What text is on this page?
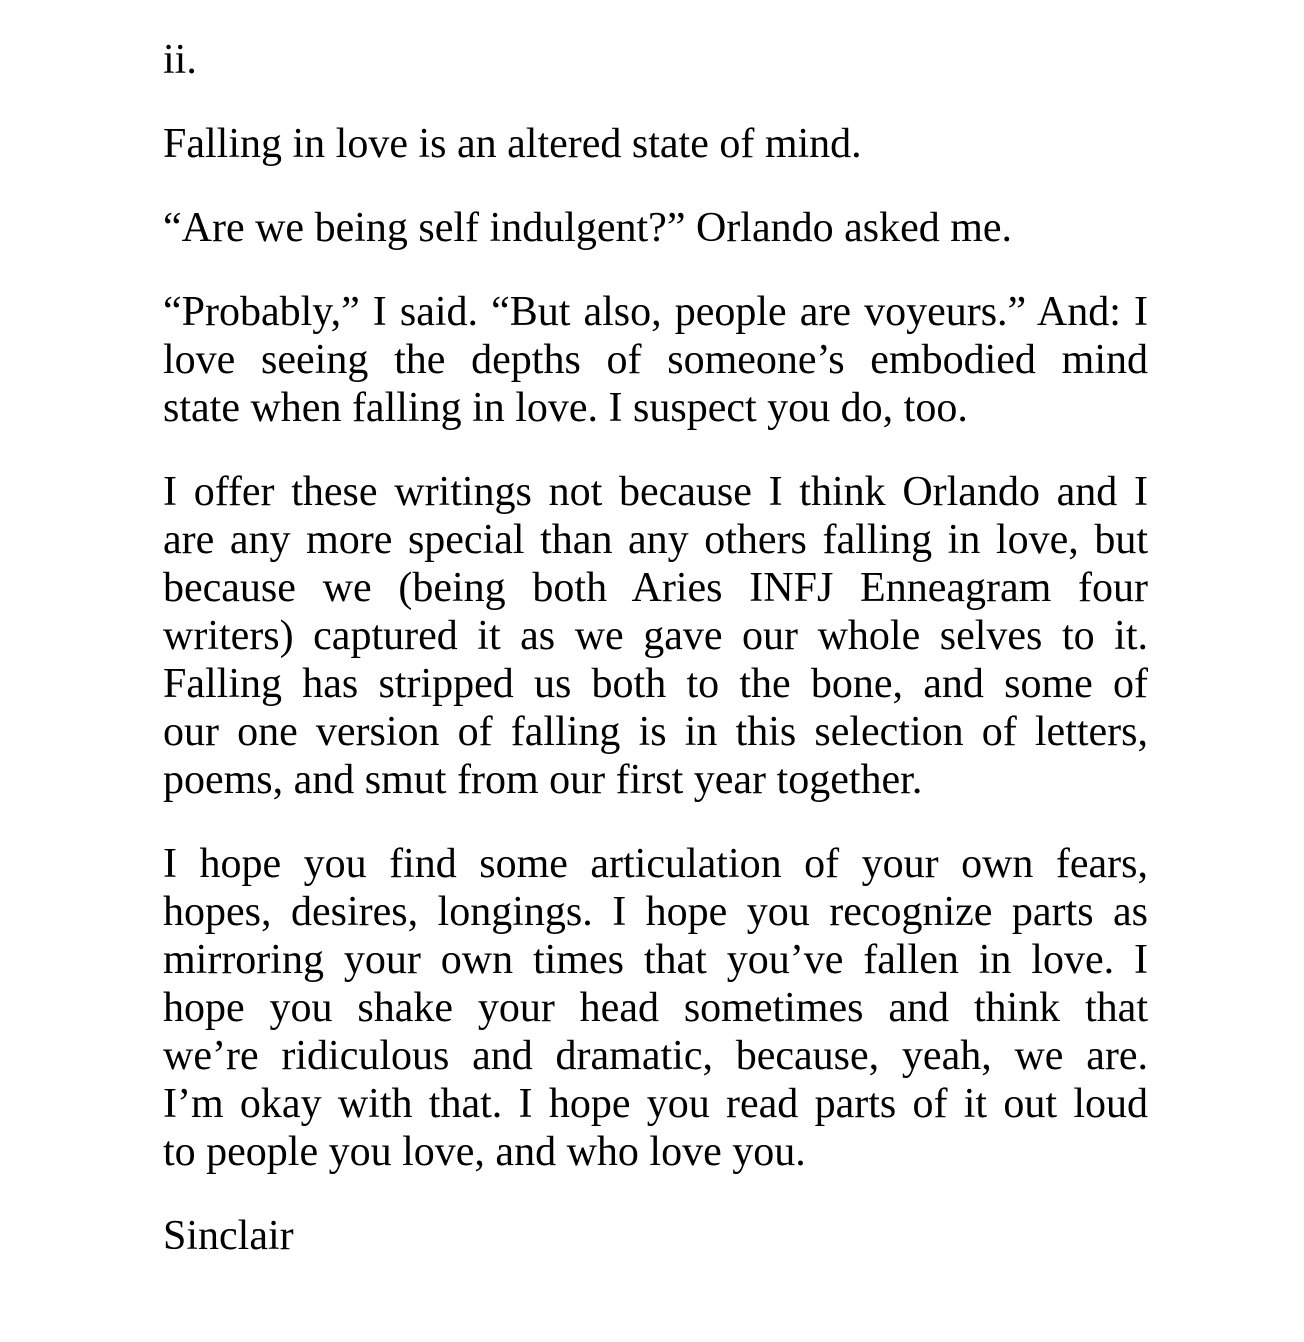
ii.

Falling in love is an altered state of mind.

“Are we being self indulgent?” Orlando asked me.

“Probably,” I said. “But also, people are voyeurs.” And: I
love seeing the depths of someone’s embodied mind
state when falling in love. I suspect you do, too.

I offer these writings not because I think Orlando and I
are any more special than any others falling in love, but
because we (being both Aries INFJ Enneagram four
writers) captured it as we gave our whole selves to it.
Falling has stripped us both to the bone, and some of
our one version of falling is in this selection of letters,
poems, and smut from our first year together.

I hope you find some articulation of your own fears,
hopes, desires, longings. I hope you recognize parts as
mirroring your own times that you’ve fallen in love. I
hope you shake your head sometimes and think that
we’re ridiculous and dramatic, because, yeah, we are.
I’m okay with that. I hope you read parts of it out loud
to people you love, and who love you.

Sinclair
